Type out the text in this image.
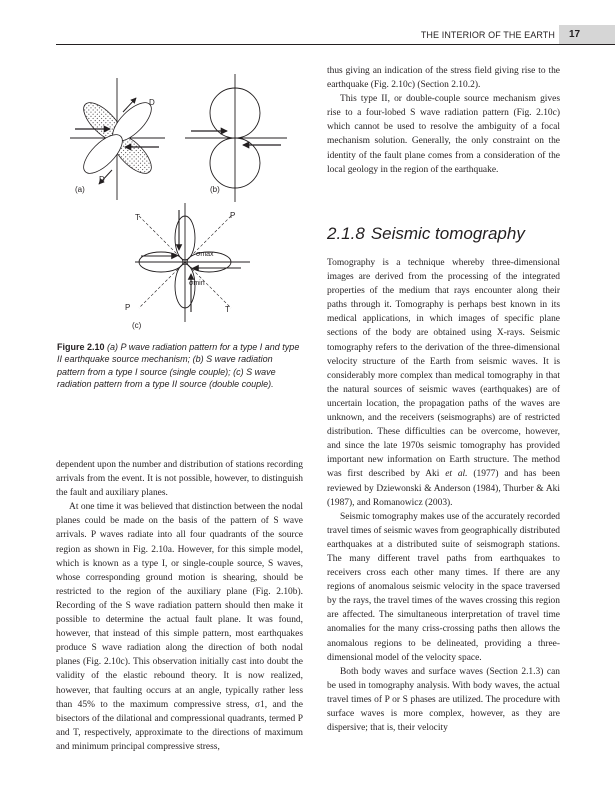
THE INTERIOR OF THE EARTH	17
D
D
(a)	(b)
T	P
P	T
σmax
σmin
(c)
Figure 2.10 (a) P wave radiation pattern for a type I and type II earthquake source mechanism; (b) S wave radiation pattern from a type I source (single couple); (c) S wave radiation pattern from a type II source (double couple).

thus giving an indication of the stress field giving rise to the earthquake (Fig. 2.10c) (Section 2.10.2).

This type II, or double-couple source mechanism gives rise to a four-lobed S wave radiation pattern (Fig. 2.10c) which cannot be used to resolve the ambiguity of a focal mechanism solution. Generally, the only constraint on the identity of the fault plane comes from a consideration of the local geology in the region of the earthquake.

2.1.8 Seismic tomography

Tomography is a technique whereby three-dimensional images are derived from the processing of the integrated properties of the medium that rays encounter along their paths through it. Tomography is perhaps best known in its medical applications, in which images of specific plane sections of the body are obtained using X-rays. Seismic tomography refers to the derivation of the three-dimensional velocity structure of the Earth from seismic waves. It is considerably more complex than medical tomography in that the natural sources of seismic waves (earthquakes) are of uncertain location, the propagation paths of the waves are unknown, and the receivers (seismographs) are of restricted distribution. These difficulties can be overcome, however, and since the late 1970s seismic tomography has provided important new information on Earth structure. The method was first described by Aki et al. (1977) and has been reviewed by Dziewonski & Anderson (1984), Thurber & Aki (1987), and Romanowicz (2003).

Seismic tomography makes use of the accurately recorded travel times of seismic waves from geographically distributed earthquakes at a distributed suite of seismograph stations. The many different travel paths from earthquakes to receivers cross each other many times. If there are any regions of anomalous seismic velocity in the space traversed by the rays, the travel times of the waves crossing this region are affected. The simultaneous interpretation of travel time anomalies for the many criss-crossing paths then allows the anomalous regions to be delineated, providing a three-dimensional model of the velocity space.

Both body waves and surface waves (Section 2.1.3) can be used in tomography analysis. With body waves, the actual travel times of P or S phases are utilized. The procedure with surface waves is more complex, however, as they are dispersive; that is, their velocity

dependent upon the number and distribution of stations recording arrivals from the event. It is not possible, however, to distinguish the fault and auxiliary planes.

At one time it was believed that distinction between the nodal planes could be made on the basis of the pattern of S wave arrivals. P waves radiate into all four quadrants of the source region as shown in Fig. 2.10a. However, for this simple model, which is known as a type I, or single-couple source, S waves, whose corresponding ground motion is shearing, should be restricted to the region of the auxiliary plane (Fig. 2.10b). Recording of the S wave radiation pattern should then make it possible to determine the actual fault plane. It was found, however, that instead of this simple pattern, most earthquakes produce S wave radiation along the direction of both nodal planes (Fig. 2.10c). This observation initially cast into doubt the validity of the elastic rebound theory. It is now realized, however, that faulting occurs at an angle, typically rather less than 45% to the maximum compressive stress, σ1, and the bisectors of the dilational and compressional quadrants, termed P and T, respectively, approximate to the directions of maximum and minimum principal compressive stress,
